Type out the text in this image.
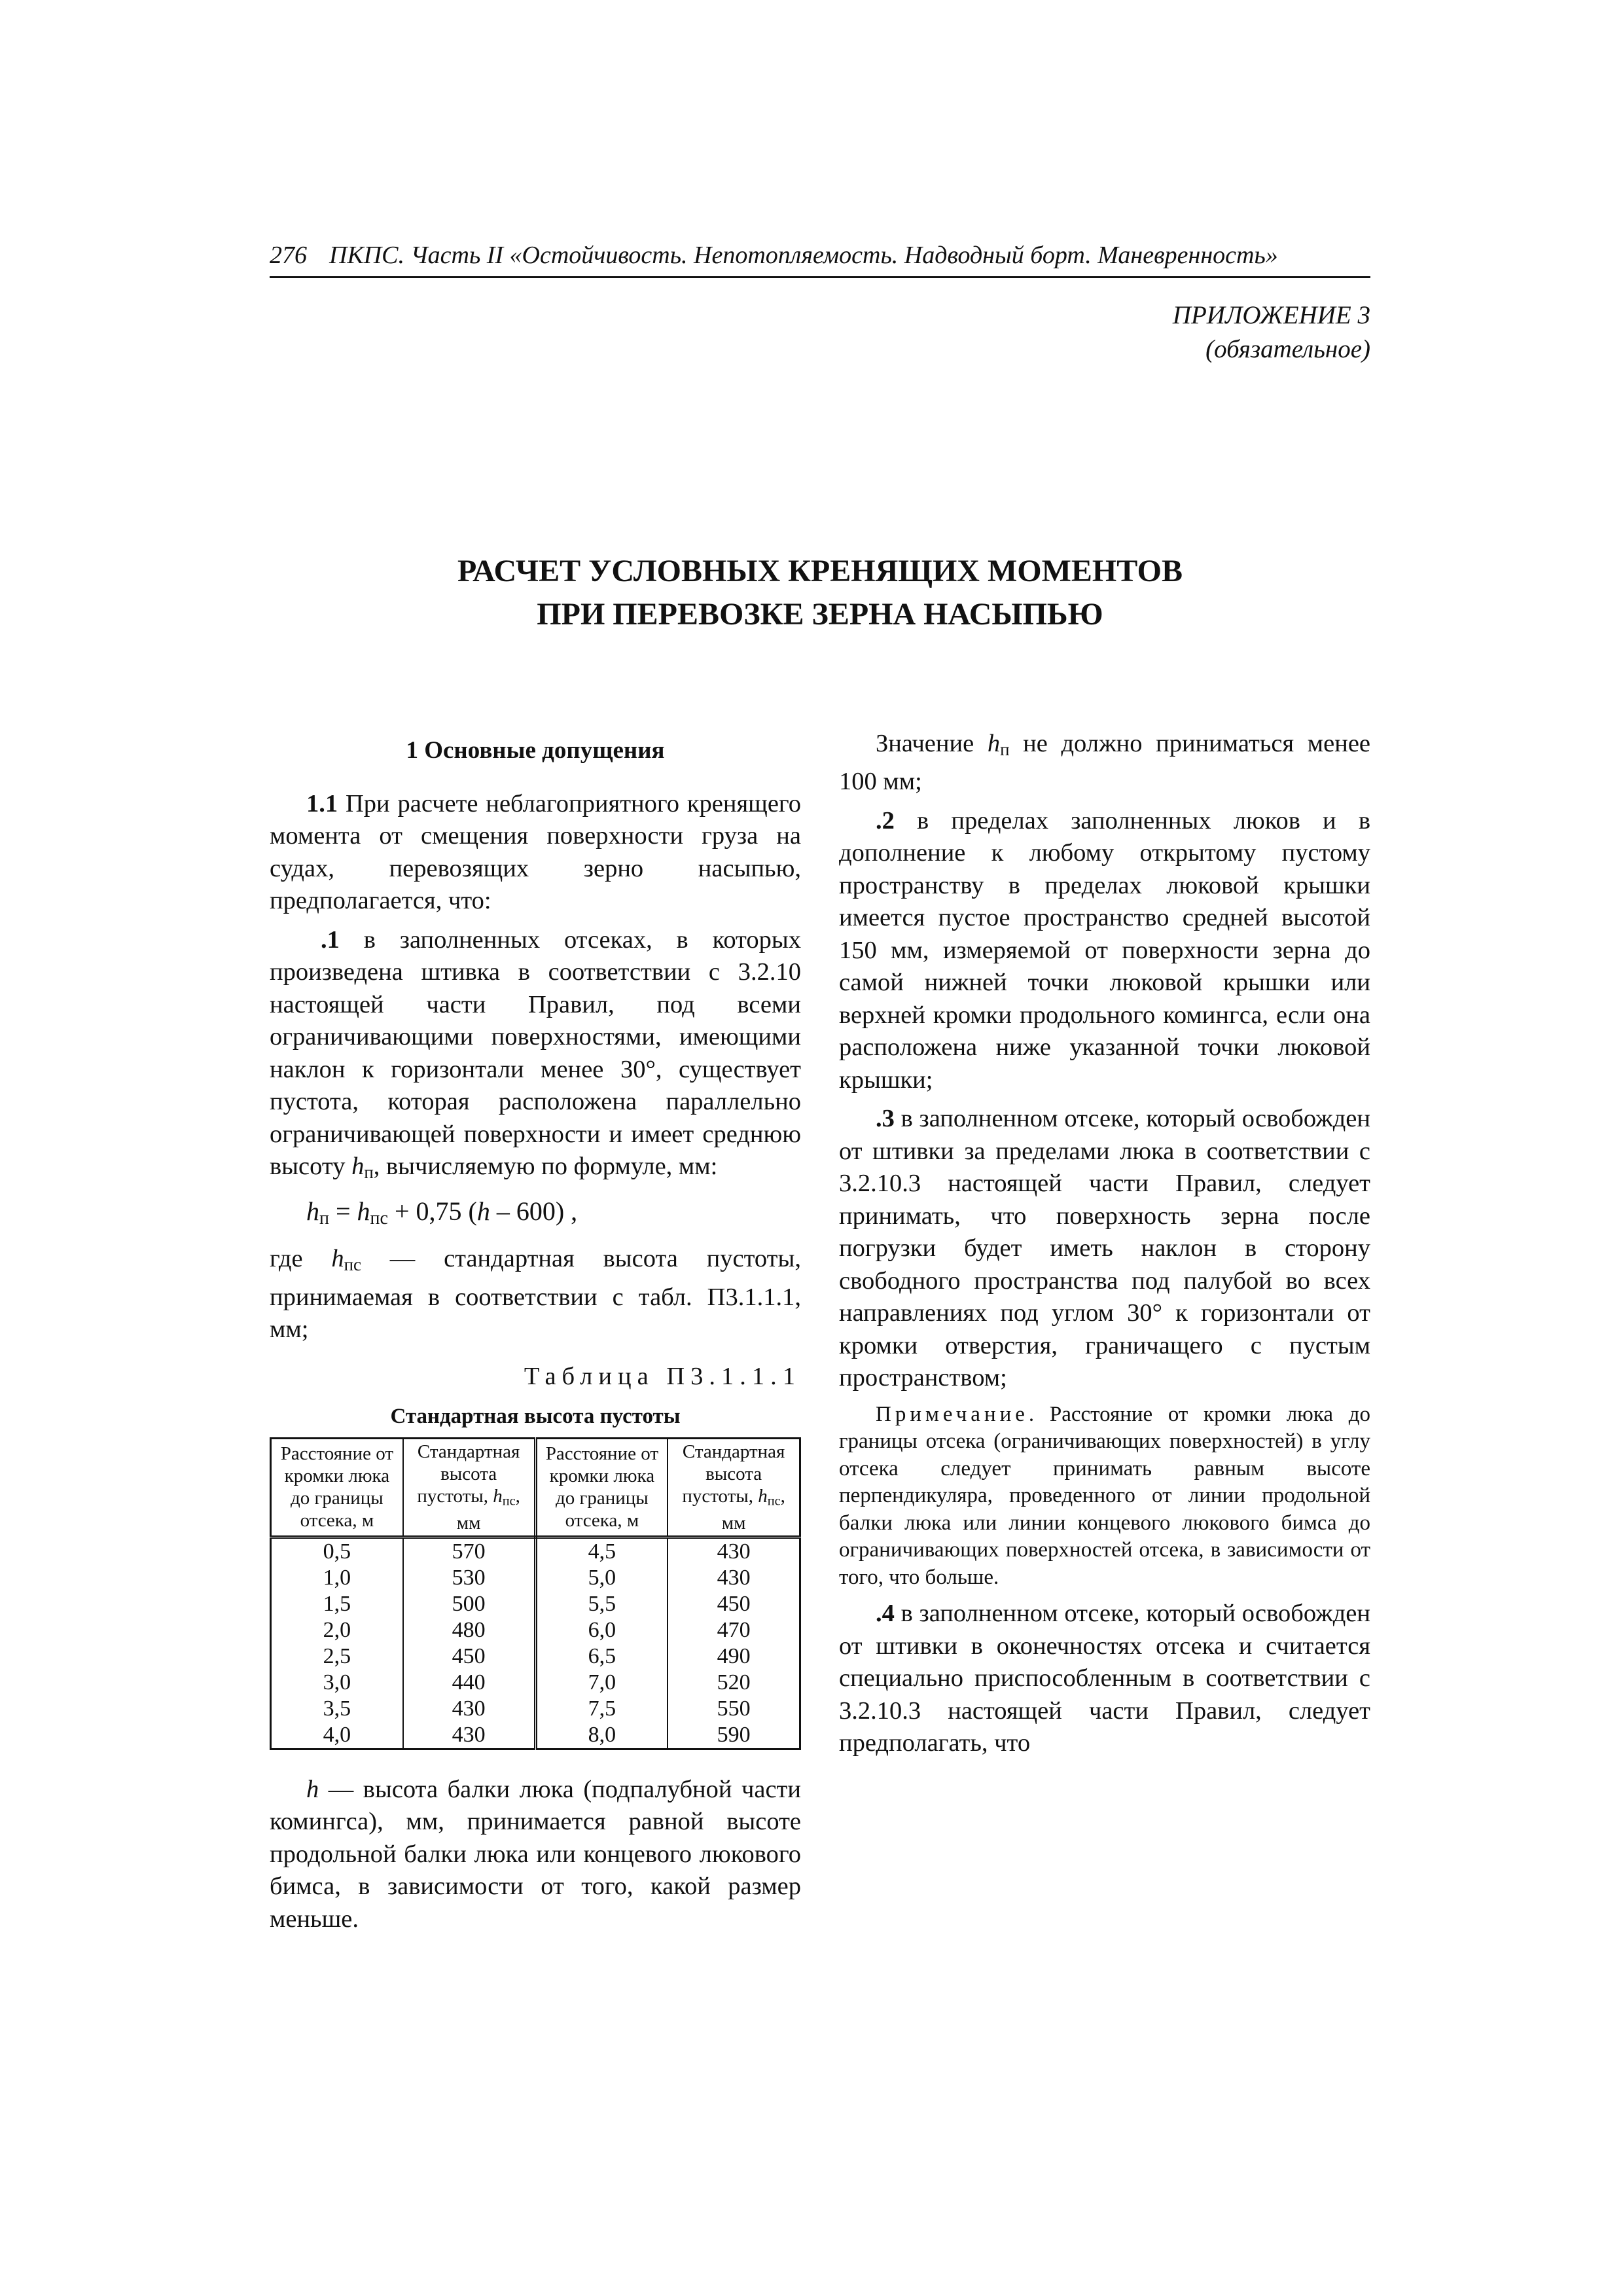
276 ПКПС. Часть II «Остойчивость. Непотопляемость. Надводный борт. Маневренность»
ПРИЛОЖЕНИЕ 3
(обязательное)
РАСЧЕТ УСЛОВНЫХ КРЕНЯЩИХ МОМЕНТОВ
ПРИ ПЕРЕВОЗКЕ ЗЕРНА НАСЫПЬЮ
1 Основные допущения

1.1 При расчете неблагоприятного кренящего момента от смещения поверхности груза на судах, перевозящих зерно насыпью, предполагается, что:

.1 в заполненных отсеках, в которых произведена штивка в соответствии с 3.2.10 настоящей части Правил, под всеми ограничивающими поверхностями, имеющими наклон к горизонтали менее 30°, существует пустота, которая расположена параллельно ограничивающей поверхности и имеет среднюю высоту $h_п$, вычисляемую по формуле, мм:

$h_п = h_{пс} + 0,75$ (h – 600) ,

где $h_{пс}$ — стандартная высота пустоты, принимаемая в соответствии с табл. П3.1.1.1, мм;

Таблица П3.1.1.1
Стандартная высота пустоты
Расстояние от кромки люка до границы отсека, м	Стандартная высота пустоты, $h_{пс}$, мм	Расстояние от кромки люка до границы отсека, м	Стандартная высота пустоты, $h_{пс}$, мм
0,5	570	4,5	430
1,0	530	5,0	430
1,5	500	5,5	450
2,0	480	6,0	470
2,5	450	6,5	490
3,0	440	7,0	520
3,5	430	7,5	550
4,0	430	8,0	590

h — высота балки люка (подпалубной части комингса), мм, принимается равной высоте продольной балки люка или концевого люкового бимса, в зависимости от того, какой размер меньше.

Значение $h_п$ не должно приниматься менее 100 мм;

.2 в пределах заполненных люков и в дополнение к любому открытому пустому пространству в пределах люковой крышки имеется пустое пространство средней высотой 150 мм, измеряемой от поверхности зерна до самой нижней точки люковой крышки или верхней кромки продольного комингса, если она расположена ниже указанной точки люковой крышки;

.3 в заполненном отсеке, который освобожден от штивки за пределами люка в соответствии с 3.2.10.3 настоящей части Правил, следует принимать, что поверхность зерна после погрузки будет иметь наклон в сторону свободного пространства под палубой во всех направлениях под углом 30° к горизонтали от кромки отверстия, граничащего с пустым пространством;

Примечание. Расстояние от кромки люка до границы отсека (ограничивающих поверхностей) в углу отсека следует принимать равным высоте перпендикуляра, проведенного от линии продольной балки люка или линии концевого люкового бимса до ограничивающих поверхностей отсека, в зависимости от того, что больше.

.4 в заполненном отсеке, который освобожден от штивки в оконечностях отсека и считается специально приспособленным в соответствии с 3.2.10.3 настоящей части Правил, следует предполагать, что
